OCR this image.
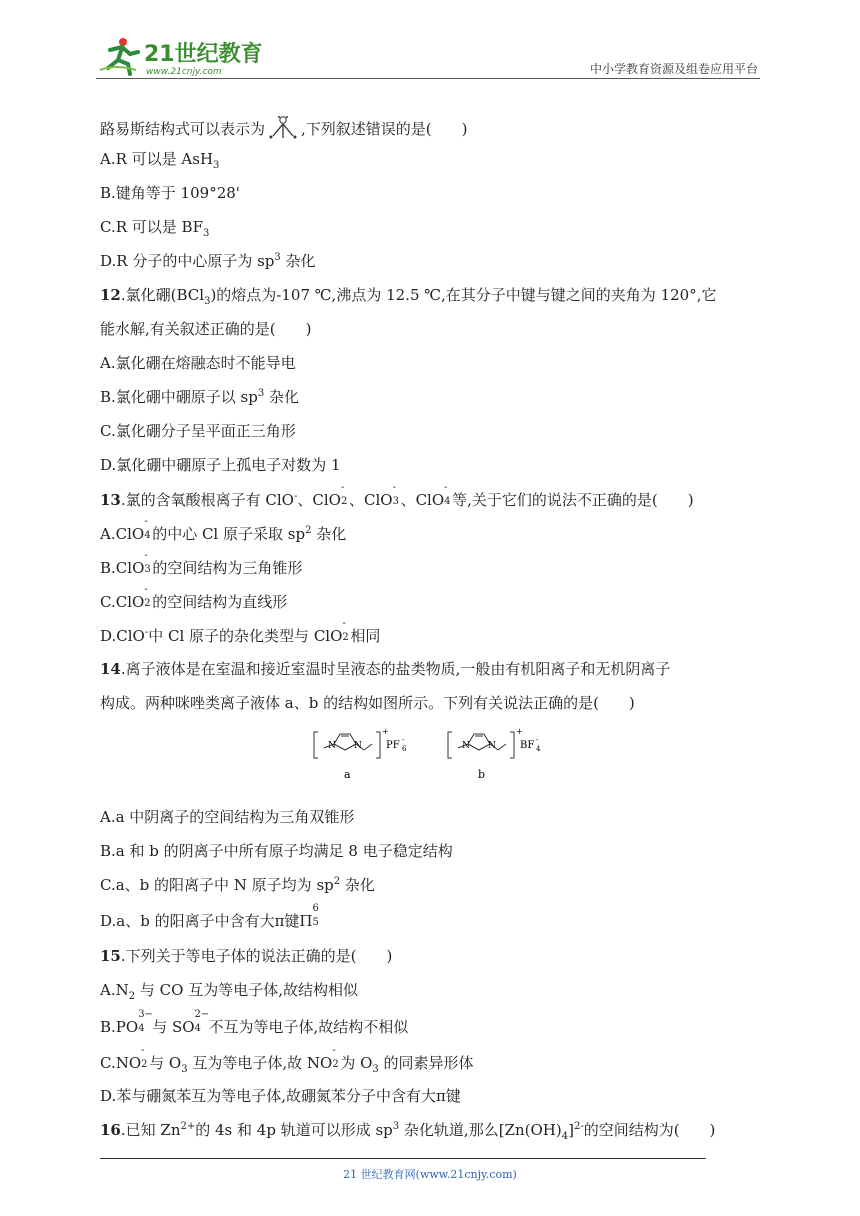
21世纪教育
www.21cnjy.com	中小学教育资源及组卷应用平台
路易斯结构式可以表示为 ,下列叙述错误的是(　　)
A.R 可以是 AsH$_3$
B.键角等于 109°28'
C.R 可以是 $BF_3$
D.R 分子的中心原子为 $sp^3$ 杂化
12.氯化硼(BCl$_3$)的熔点为-107 ℃,沸点为 12.5 ℃,在其分子中键与键之间的夹角为 120°,它
能水解,有关叙述正确的是(　　)
A.氯化硼在熔融态时不能导电
B.氯化硼中硼原子以 $sp^3$ 杂化
C.氯化硼分子呈平面正三角形
D.氯化硼中硼原子上孤电子对数为 1
13.氯的含氧酸根离子有 ClO-、ClO
-
2 、ClO
-
3 、ClO
-
4 等,关于它们的说法不正确的是(　　)
A.ClO
-
4 的中心 Cl 原子采取 $sp^2$ 杂化
B.ClO
-
3 的空间结构为三角锥形
C.ClO
-
2 的空间结构为直线形
D.ClO-中 Cl 原子的杂化类型与 ClO
-
2 相同
14.离子液体是在室温和接近室温时呈液态的盐类物质,一般由有机阳离子和无机阴离子
构成。两种咪唑类离子液体 a、b 的结构如图所示。下列有关说法正确的是(　　)
A.a 中阴离子的空间结构为三角双锥形
B.a 和 b 的阴离子中所有原子均满足 8 电子稳定结构
C.a、b 的阳离子中 N 原子均为 $sp^2$ 杂化
D.a、b 的阳离子中含有大π键Π
6
5
15.下列关于等电子体的说法正确的是(　　)
$A.N_2$ 与 CO 互为等电子体,故结构相似
B.PO
3−
4 与 SO
2−
4 不互为等电子体,故结构不相似
C.NO
-
2 与 $O_3$ 互为等电子体,故 NO
-
2 为 $O_3$ 的同素异形体
D.苯与硼氮苯互为等电子体,故硼氮苯分子中含有大π键
16.已知 $Zn^{2+}$的 4s 和 4p 轨道可以形成 $sp^3$ 杂化轨道,那么$[Zn(OH)_4]^{2-}$的空间结构为(　　)
N N
+
PF -
6
a
N N
+
BF -
4
b
21 世纪教育网(www.21cnjy.com)
